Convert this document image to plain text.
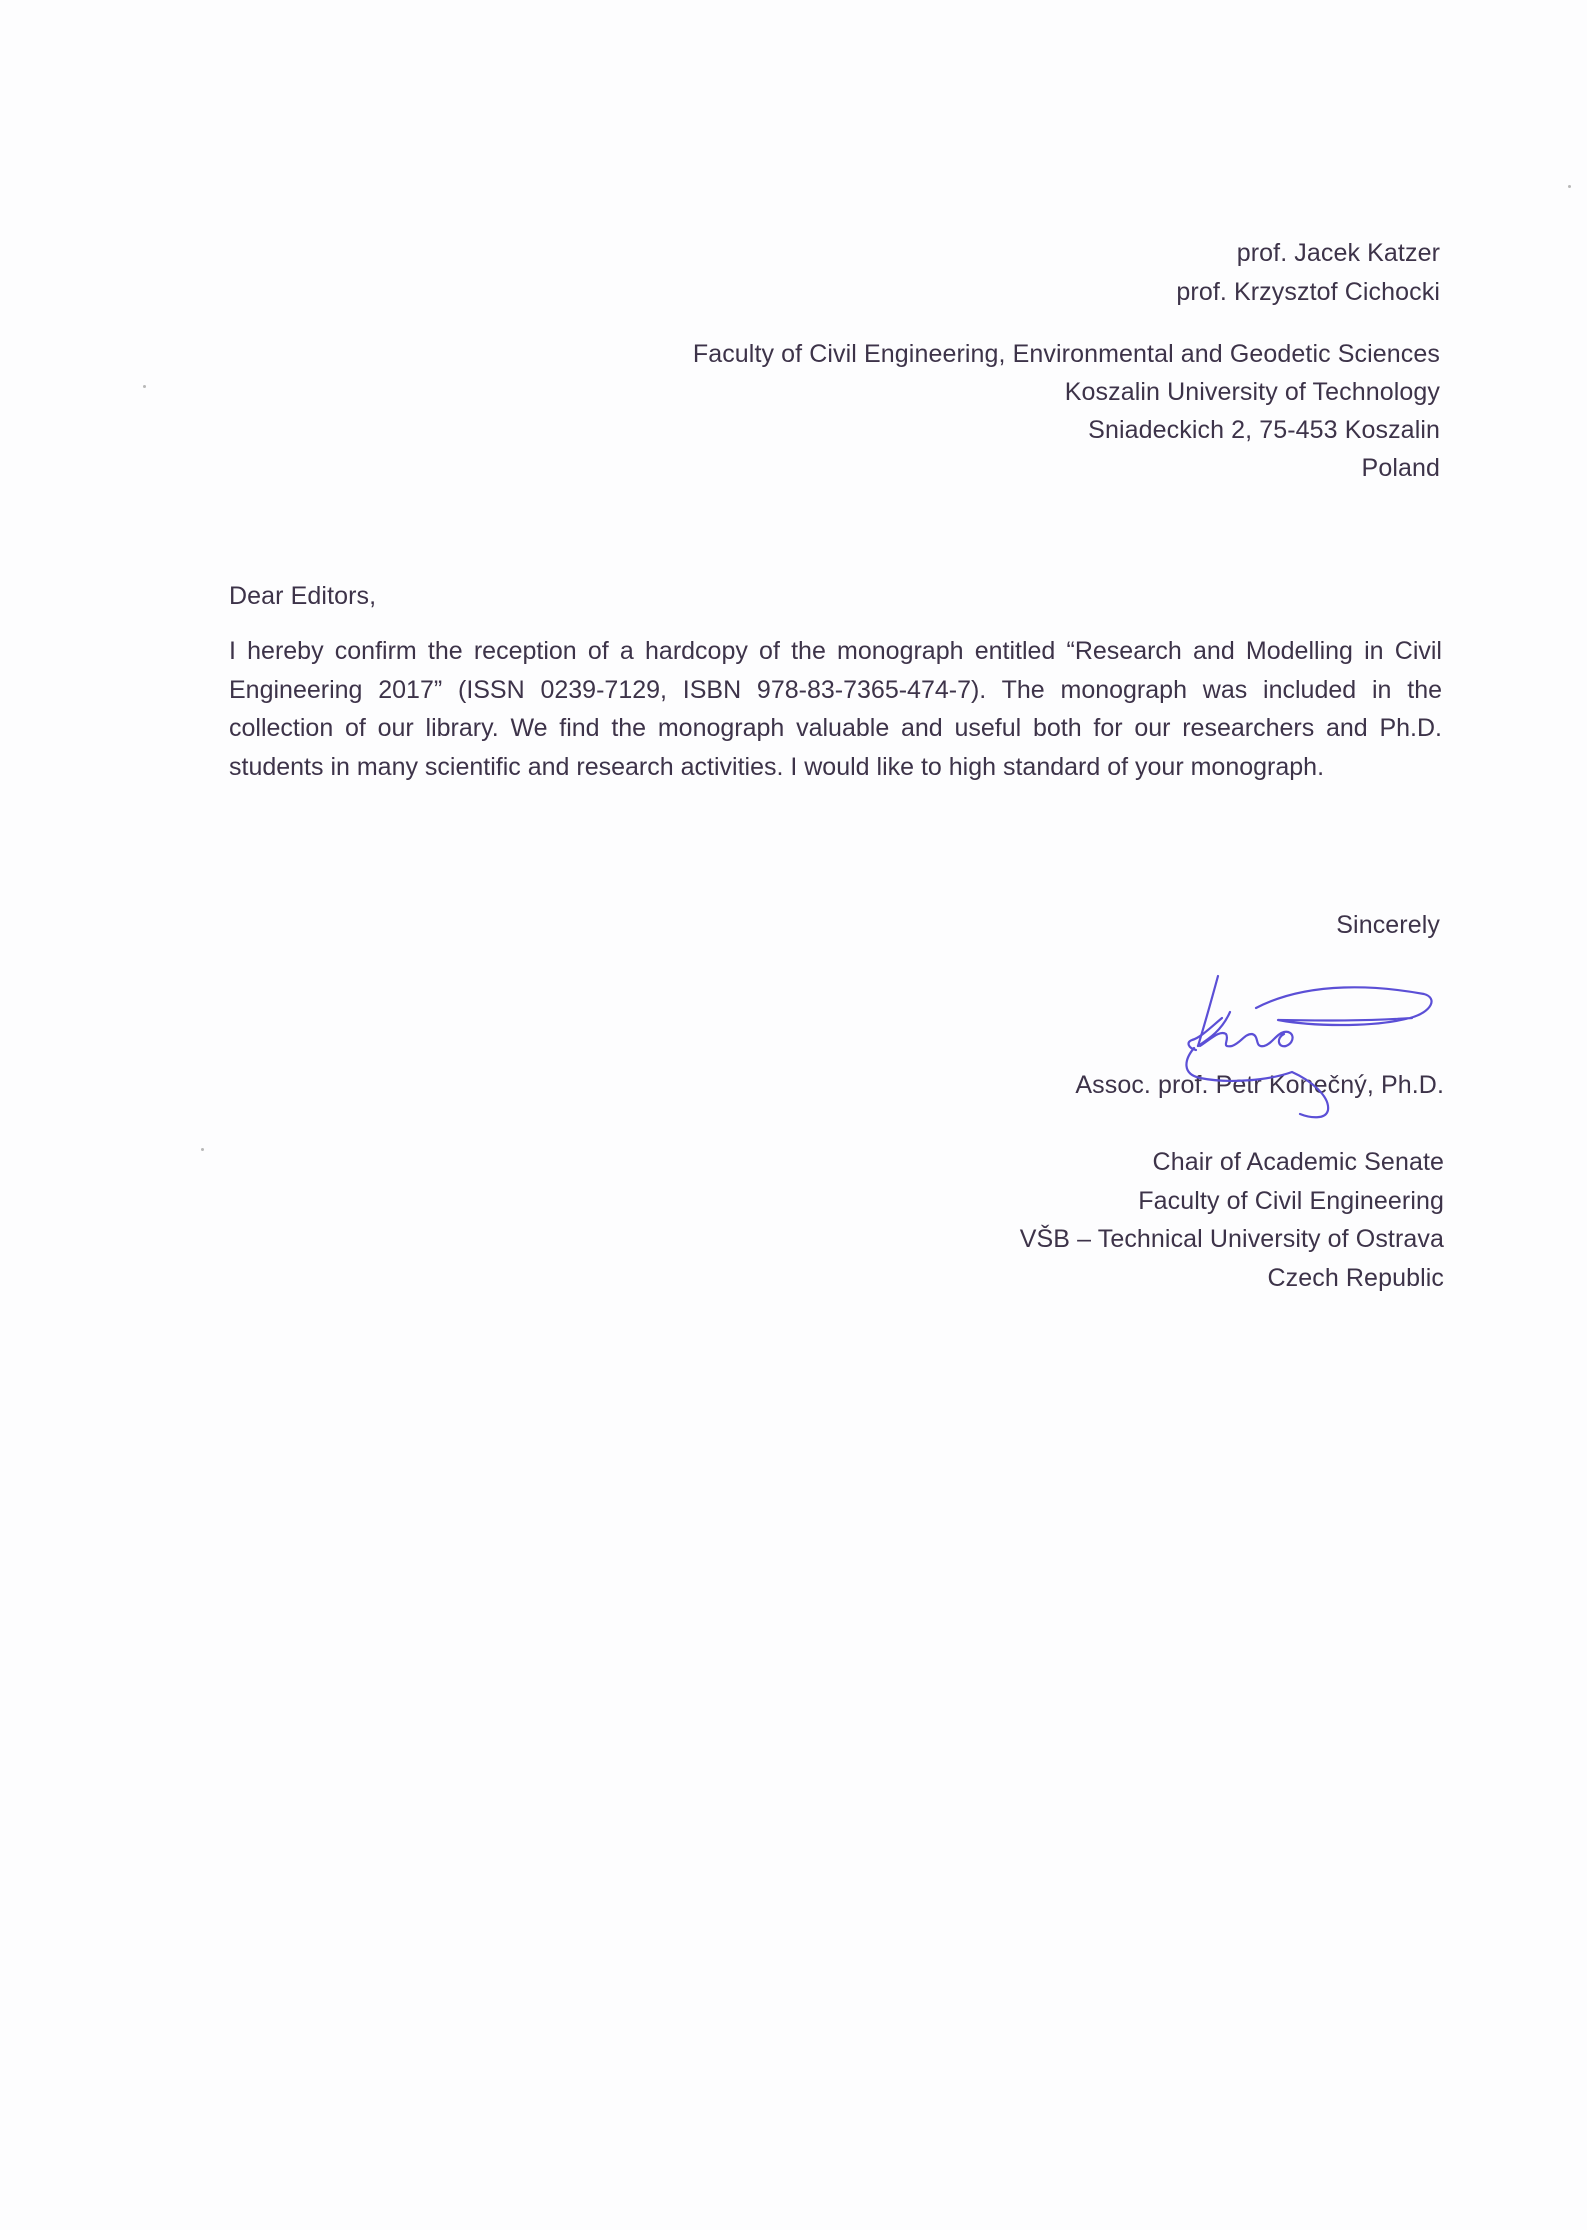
prof. Jacek Katzer
prof. Krzysztof Cichocki
Faculty of Civil Engineering, Environmental and Geodetic Sciences
Koszalin University of Technology
Sniadeckich 2, 75-453 Koszalin
Poland
Dear Editors,
I hereby confirm the reception of a hardcopy of the monograph entitled “Research and Modelling in Civil Engineering 2017” (ISSN 0239-7129, ISBN 978-83-7365-474-7). The monograph was included in the collection of our library. We find the monograph valuable and useful both for our researchers and Ph.D. students in many scientific and research activities. I would like to high standard of your monograph.
Sincerely
Assoc. prof. Petr Konečný, Ph.D.
Chair of Academic Senate
Faculty of Civil Engineering
VŠB – Technical University of Ostrava
Czech Republic
